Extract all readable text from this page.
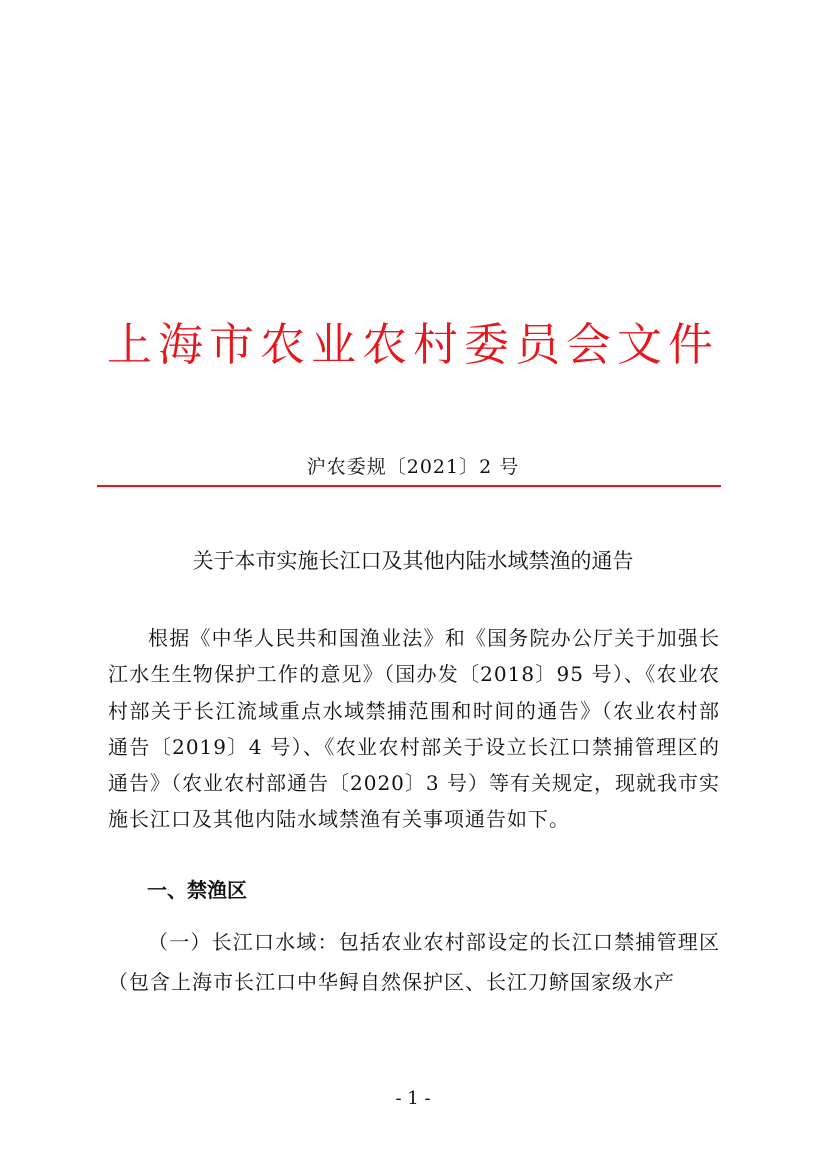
上海市农业农村委员会文件
沪农委规〔2021〕2 号
关于本市实施长江口及其他内陆水域禁渔的通告

根据《中华人民共和国渔业法》和《国务院办公厅关于加强长江水生生物保护工作的意见》（国办发〔2018〕95 号）、《农业农村部关于长江流域重点水域禁捕范围和时间的通告》（农业农村部通告〔2019〕4 号）、《农业农村部关于设立长江口禁捕管理区的通告》（农业农村部通告〔2020〕3 号）等有关规定，现就我市实施长江口及其他内陆水域禁渔有关事项通告如下。

一、禁渔区

（一）长江口水域：包括农业农村部设定的长江口禁捕管理区（包含上海市长江口中华鲟自然保护区、长江刀鲚国家级水产

- 1 -
